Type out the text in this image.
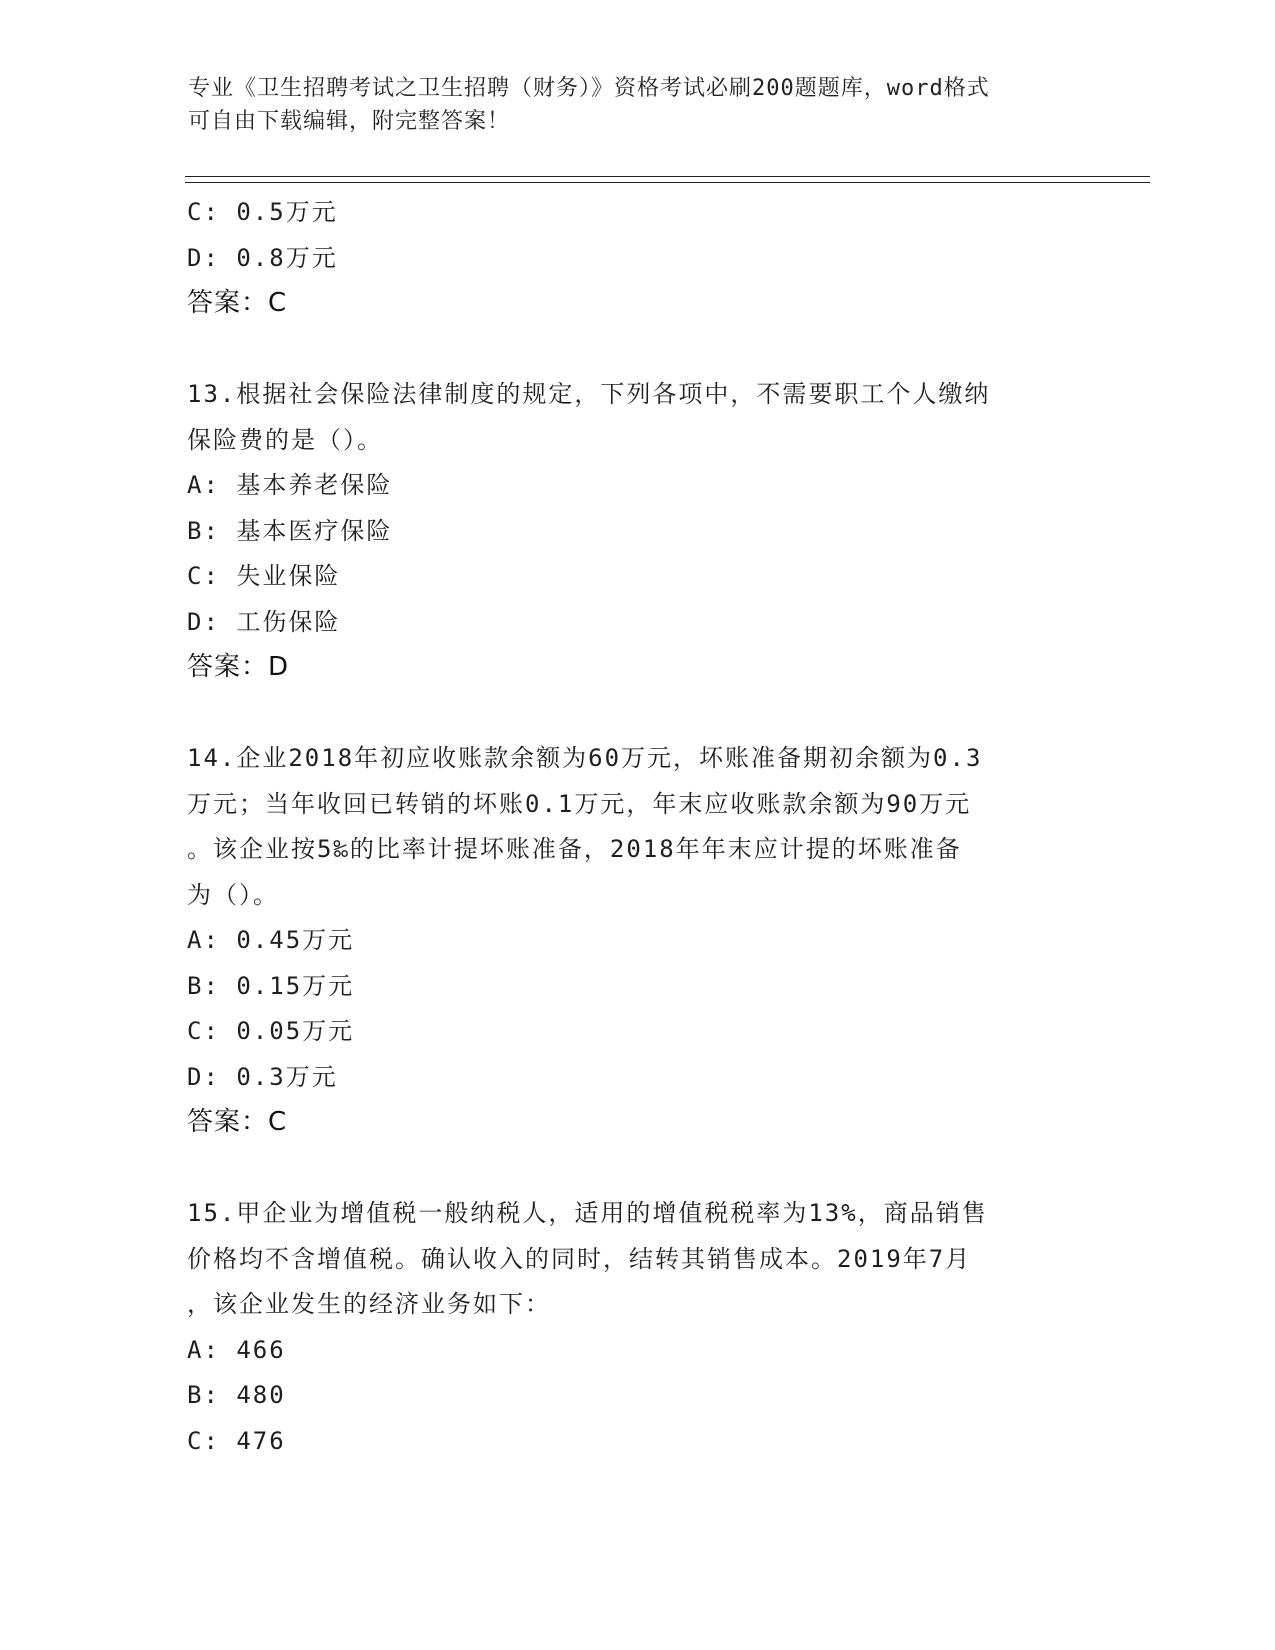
专业《卫生招聘考试之卫生招聘（财务）》资格考试必刷200题题库，word格式
可自由下载编辑，附完整答案！
C: 0.5万元
D: 0.8万元
答案：C
13.根据社会保险法律制度的规定，下列各项中，不需要职工个人缴纳
保险费的是（）。
A: 基本养老保险
B: 基本医疗保险
C: 失业保险
D: 工伤保险
答案：D
14.企业2018年初应收账款余额为60万元，坏账准备期初余额为0.3
万元；当年收回已转销的坏账0.1万元，年末应收账款余额为90万元
。该企业按5‰的比率计提坏账准备，2018年年末应计提的坏账准备
为（）。
A: 0.45万元
B: 0.15万元
C: 0.05万元
D: 0.3万元
答案：C
15.甲企业为增值税一般纳税人，适用的增值税税率为13%，商品销售
价格均不含增值税。确认收入的同时，结转其销售成本。2019年7月
，该企业发生的经济业务如下：
A: 466
B: 480
C: 476
